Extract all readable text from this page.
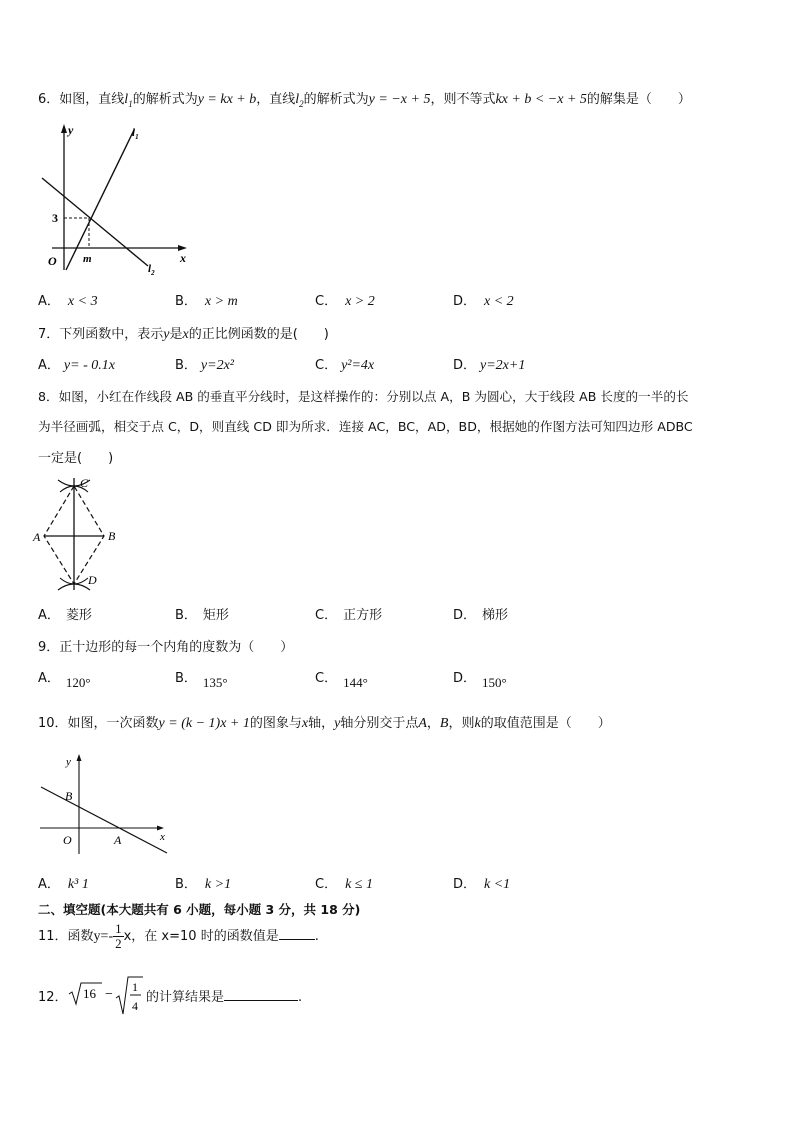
6．如图，直线$l_1$的解析式为y = kx + b，直线$l_2$的解析式为y = −x + 5，则不等式kx + b < −x + 5的解集是（　　）
y
x
O m
3
$l_1$
$l_2$
A． x < 3	B． x > m	C． x > 2	D． x < 2
7．下列函数中，表示y是x的正比例函数的是(　　)
A． y= - 0.1x	B． y=2x²	C． y²=4x	D． y=2x+1
8．如图，小红在作线段 AB 的垂直平分线时，是这样操作的：分别以点 A，B 为圆心，大于线段 AB 长度的一半的长
为半径画弧，相交于点 C，D，则直线 CD 即为所求．连接 AC，BC，AD，BD，根据她的作图方法可知四边形 ADBC
一定是(　　)
C
A	B
D
A． 菱形	B． 矩形	C． 正方形	D． 梯形
9．正十边形的每一个内角的度数为（　　）
A． 120°	B． 135°	C． 144°	D． 150°
10．如图，一次函数y = (k − 1)x + 1的图象与x轴，y轴分别交于点A，B，则k的取值范围是（　　）
y
x
O
B
A
A． k³ 1	B． k >1	C． k ≤ 1	D． k <1
二、填空题(本大题共有 6 小题，每小题 3 分，共 18 分)
11．函数$y=- \frac{1}{2}$ x，在 x=10 时的函数值是	.
12． 16 − 1
4
的计算结果是	.
